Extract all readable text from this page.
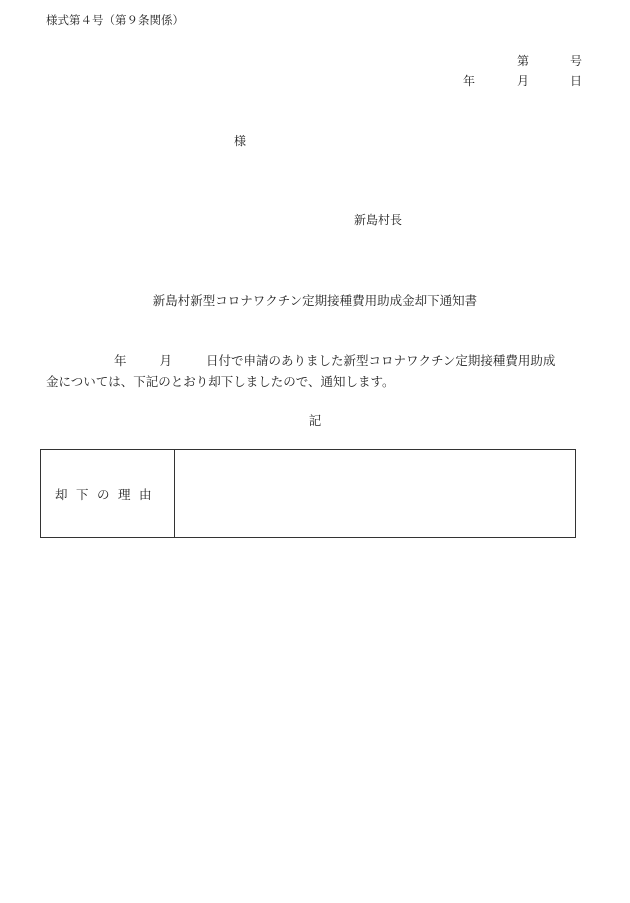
様式第４号（第９条関係）
第	号
年	月	日
様
新島村長
新島村新型コロナワクチン定期接種費用助成金却下通知書
年	月	日付で申請のありました新型コロナワクチン定期接種費用助成
金については、下記のとおり却下しましたので、通知します。
記
却下の理由
